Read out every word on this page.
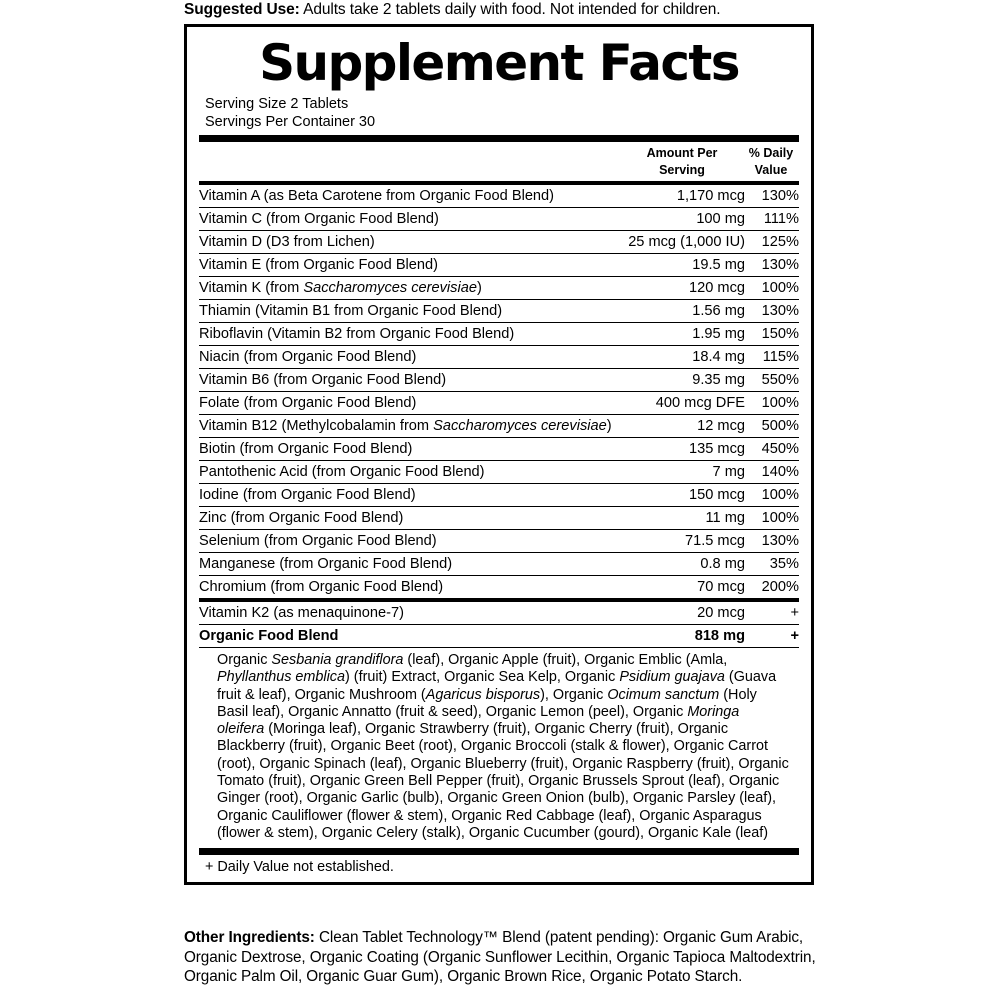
Suggested Use: Adults take 2 tablets daily with food. Not intended for children.
Supplement Facts
Serving Size 2 Tablets
Servings Per Container 30

Amount Per
Serving

% Daily
Value
Vitamin A (as Beta Carotene from Organic Food Blend)	1,170 mcg	130%
Vitamin C (from Organic Food Blend)	100 mg	111%
Vitamin D (D3 from Lichen)	25 mcg (1,000 IU)	125%
Vitamin E (from Organic Food Blend)	19.5 mg	130%
Vitamin K (from Saccharomyces cerevisiae)	120 mcg	100%
Thiamin (Vitamin B1 from Organic Food Blend)	1.56 mg	130%
Riboflavin (Vitamin B2 from Organic Food Blend)	1.95 mg	150%
Niacin (from Organic Food Blend)	18.4 mg	115%
Vitamin B6 (from Organic Food Blend)	9.35 mg	550%
Folate (from Organic Food Blend)	400 mcg DFE	100%
Vitamin B12 (Methylcobalamin from Saccharomyces cerevisiae)	12 mcg	500%
Biotin (from Organic Food Blend)	135 mcg	450%
Pantothenic Acid (from Organic Food Blend)	7 mg	140%
Iodine (from Organic Food Blend)	150 mcg	100%
Zinc (from Organic Food Blend)	11 mg	100%
Selenium (from Organic Food Blend)	71.5 mcg	130%
Manganese (from Organic Food Blend)	0.8 mg	35%
Chromium (from Organic Food Blend)	70 mcg	200%
Vitamin K2 (as menaquinone-7)	20 mcg	+
Organic Food Blend	818 mg	+
Organic Sesbania grandiflora (leaf), Organic Apple (fruit), Organic Emblic (Amla, Phyllanthus emblica) (fruit) Extract, Organic Sea Kelp, Organic Psidium guajava (Guava fruit & leaf), Organic Mushroom (Agaricus bisporus), Organic Ocimum sanctum (Holy Basil leaf), Organic Annatto (fruit & seed), Organic Lemon (peel), Organic Moringa oleifera (Moringa leaf), Organic Strawberry (fruit), Organic Cherry (fruit), Organic Blackberry (fruit), Organic Beet (root), Organic Broccoli (stalk & flower), Organic Carrot (root), Organic Spinach (leaf), Organic Blueberry (fruit), Organic Raspberry (fruit), Organic Tomato (fruit), Organic Green Bell Pepper (fruit), Organic Brussels Sprout (leaf), Organic Ginger (root), Organic Garlic (bulb), Organic Green Onion (bulb), Organic Parsley (leaf), Organic Cauliflower (flower & stem), Organic Red Cabbage (leaf), Organic Asparagus (flower & stem), Organic Celery (stalk), Organic Cucumber (gourd), Organic Kale (leaf)
+ Daily Value not established.
Other Ingredients: Clean Tablet Technology™ Blend (patent pending): Organic Gum Arabic, Organic Dextrose, Organic Coating (Organic Sunflower Lecithin, Organic Tapioca Maltodextrin, Organic Palm Oil, Organic Guar Gum), Organic Brown Rice, Organic Potato Starch.
